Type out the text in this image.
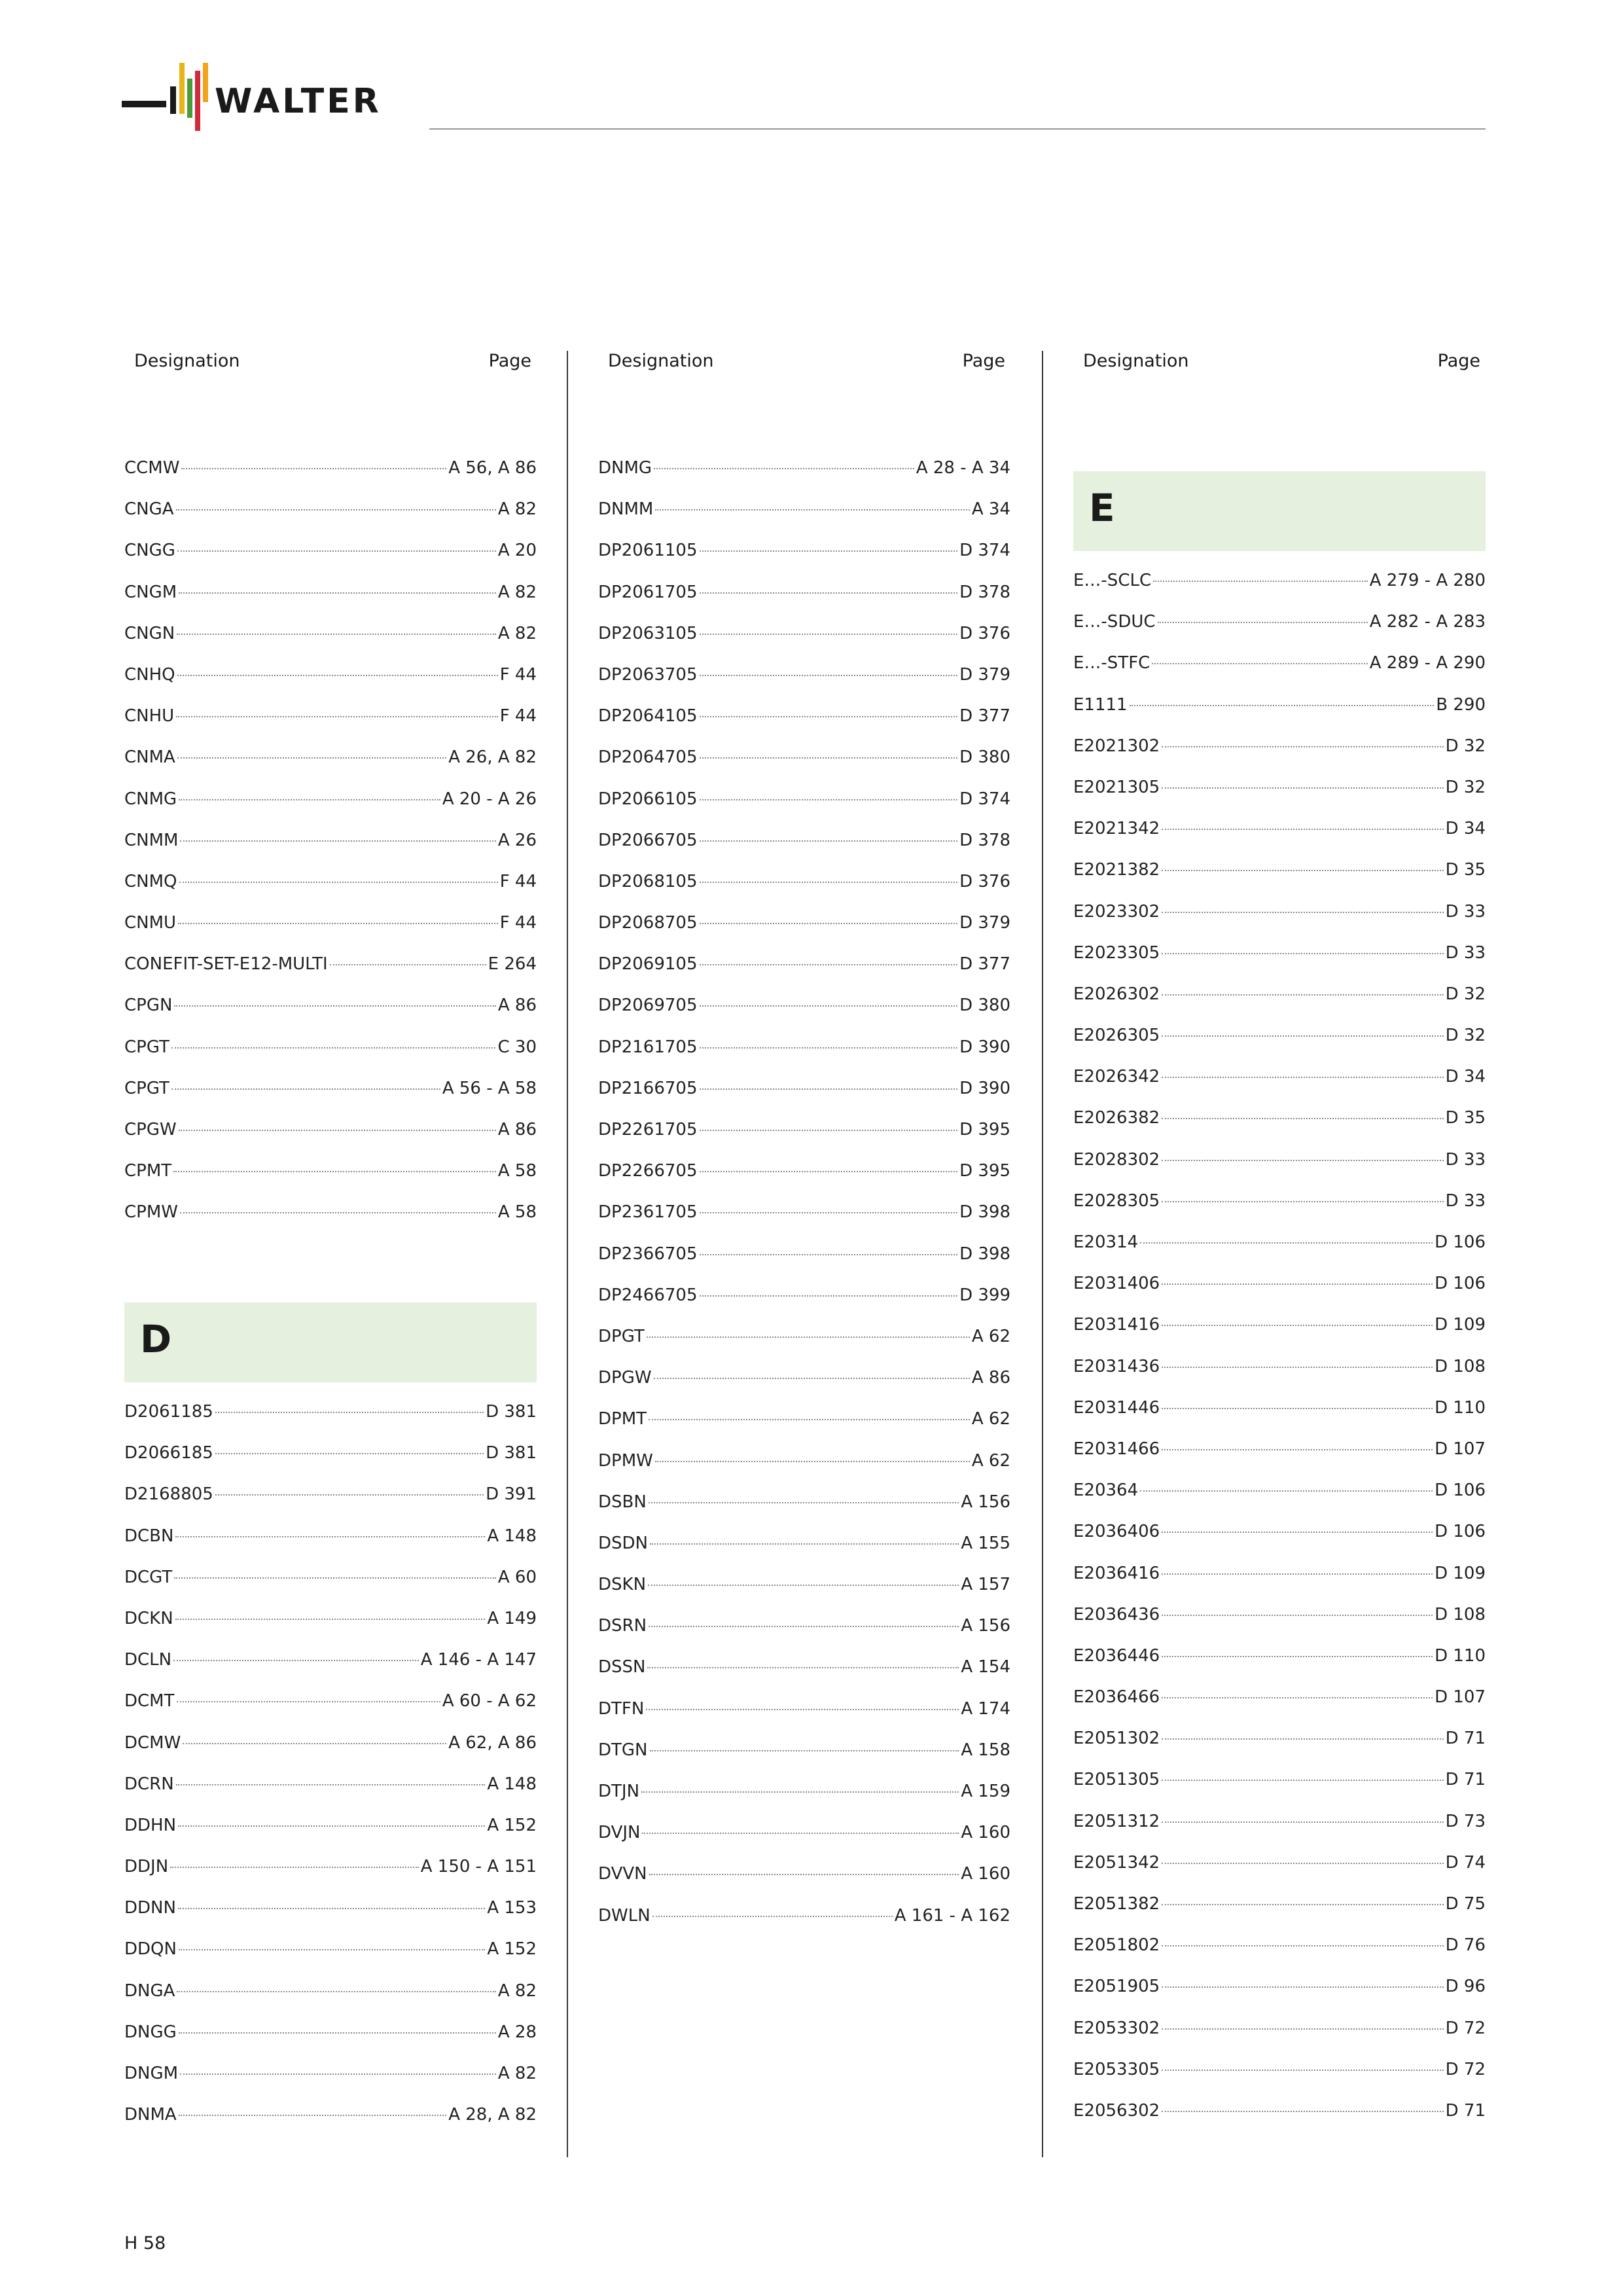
WALTER
Designation	Page
CCMW	A 56, A 86
CNGA	A 82
CNGG	A 20
CNGM	A 82
CNGN	A 82
CNHQ	F 44
CNHU	F 44
CNMA	A 26, A 82
CNMG	A 20 - A 26
CNMM	A 26
CNMQ	F 44
CNMU	F 44
CONEFIT-SET-E12-MULTI	E 264
CPGN	A 86
CPGT	C 30
CPGT	A 56 - A 58
CPGW	A 86
CPMT	A 58
CPMW	A 58
D
D2061185	D 381
D2066185	D 381
D2168805	D 391
DCBN	A 148
DCGT	A 60
DCKN	A 149
DCLN	A 146 - A 147
DCMT	A 60 - A 62
DCMW	A 62, A 86
DCRN	A 148
DDHN	A 152
DDJN	A 150 - A 151
DDNN	A 153
DDQN	A 152
DNGA	A 82
DNGG	A 28
DNGM	A 82
DNMA	A 28, A 82
Designation	Page
DNMG	A 28 - A 34
DNMM	A 34
DP2061105	D 374
DP2061705	D 378
DP2063105	D 376
DP2063705	D 379
DP2064105	D 377
DP2064705	D 380
DP2066105	D 374
DP2066705	D 378
DP2068105	D 376
DP2068705	D 379
DP2069105	D 377
DP2069705	D 380
DP2161705	D 390
DP2166705	D 390
DP2261705	D 395
DP2266705	D 395
DP2361705	D 398
DP2366705	D 398
DP2466705	D 399
DPGT	A 62
DPGW	A 86
DPMT	A 62
DPMW	A 62
DSBN	A 156
DSDN	A 155
DSKN	A 157
DSRN	A 156
DSSN	A 154
DTFN	A 174
DTGN	A 158
DTJN	A 159
DVJN	A 160
DVVN	A 160
DWLN	A 161 - A 162
Designation	Page
E
E…-SCLC	A 279 - A 280
E…-SDUC	A 282 - A 283
E…-STFC	A 289 - A 290
E1111	B 290
E2021302	D 32
E2021305	D 32
E2021342	D 34
E2021382	D 35
E2023302	D 33
E2023305	D 33
E2026302	D 32
E2026305	D 32
E2026342	D 34
E2026382	D 35
E2028302	D 33
E2028305	D 33
E20314	D 106
E2031406	D 106
E2031416	D 109
E2031436	D 108
E2031446	D 110
E2031466	D 107
E20364	D 106
E2036406	D 106
E2036416	D 109
E2036436	D 108
E2036446	D 110
E2036466	D 107
E2051302	D 71
E2051305	D 71
E2051312	D 73
E2051342	D 74
E2051382	D 75
E2051802	D 76
E2051905	D 96
E2053302	D 72
E2053305	D 72
E2056302	D 71
H 58
